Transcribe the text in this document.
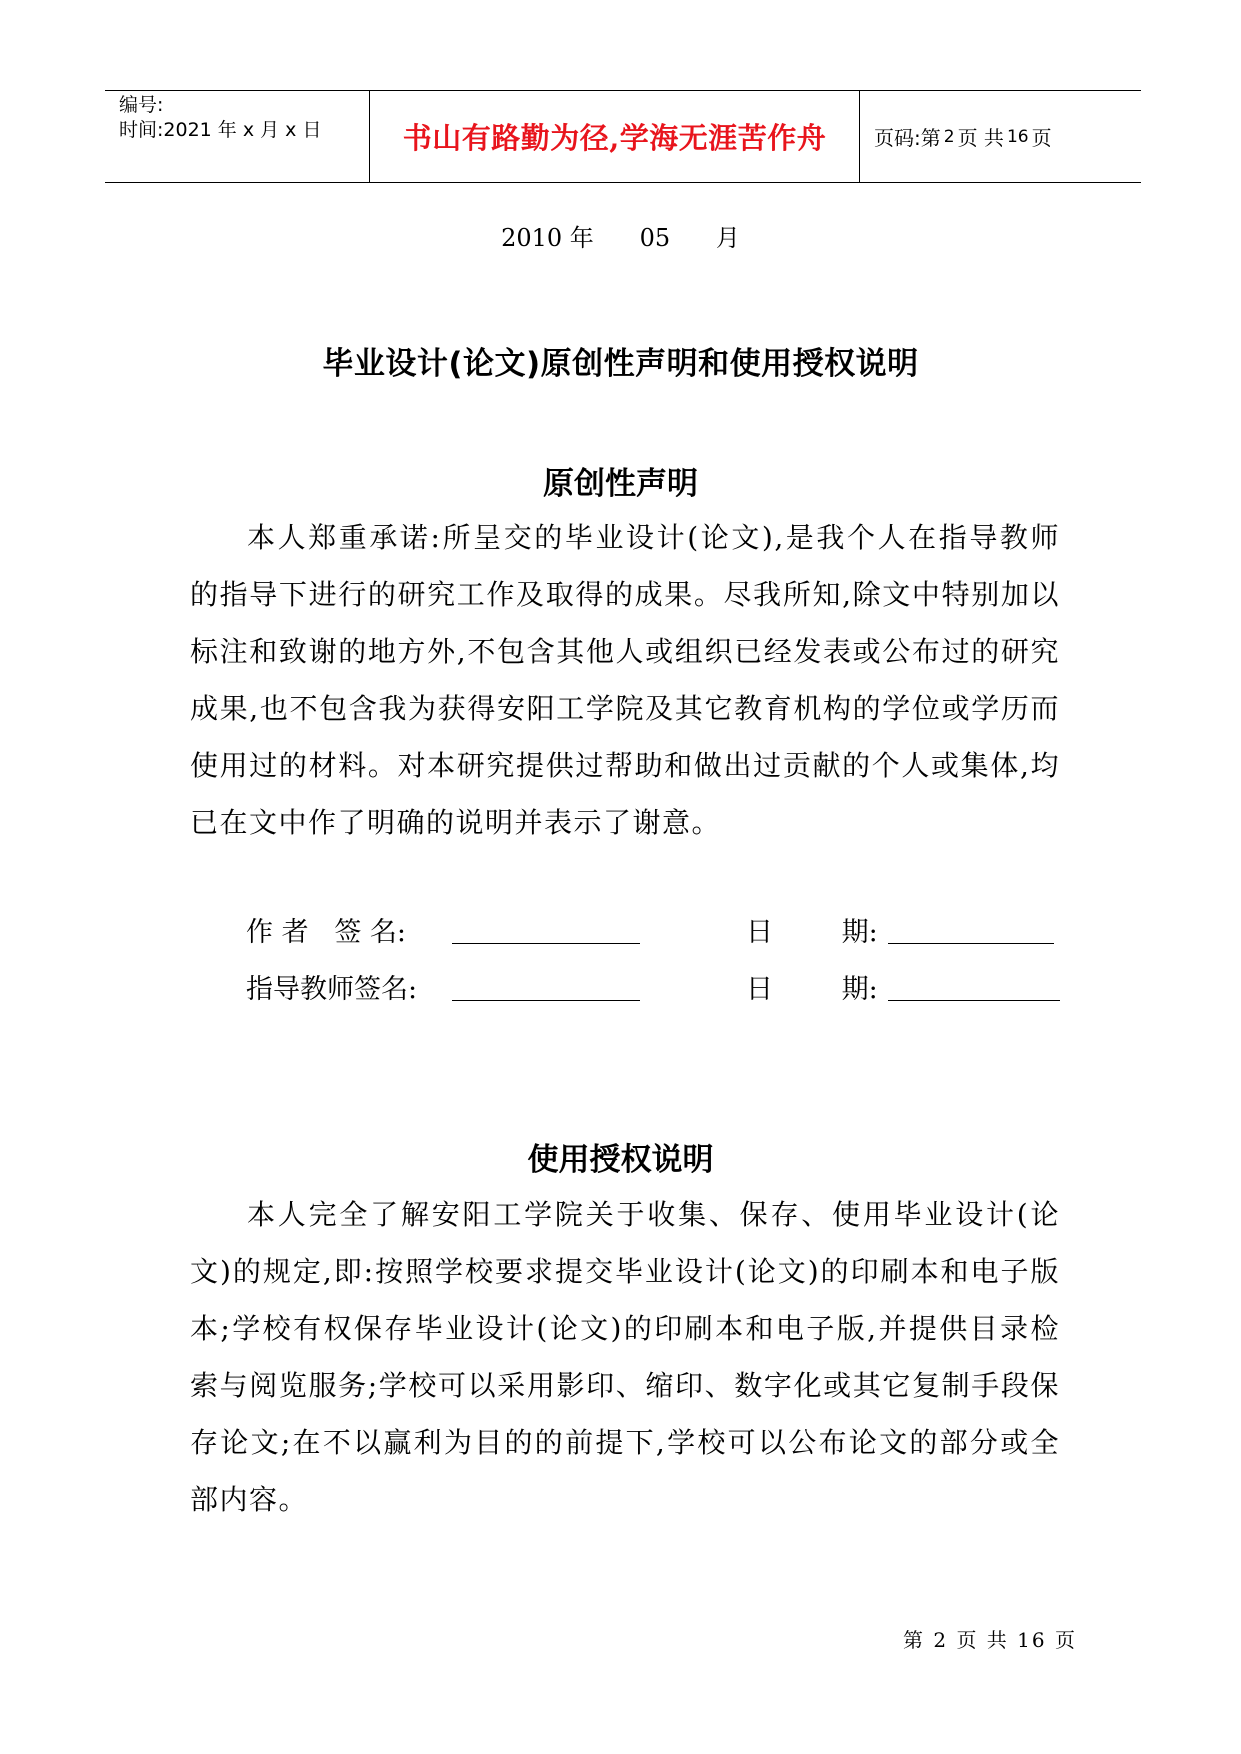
编号:
时间:2021 年 x 月 x 日	书山有路勤为径,学海无涯苦作舟	页码:第 2 页 共 16 页
2010 年      05      月
毕业设计(论文)原创性声明和使用授权说明
原创性声明
本人郑重承诺:所呈交的毕业设计(论文),是我个人在指导教师的指导下进行的研究工作及取得的成果。尽我所知,除文中特别加以标注和致谢的地方外,不包含其他人或组织已经发表或公布过的研究成果,也不包含我为获得安阳工学院及其它教育机构的学位或学历而使用过的材料。对本研究提供过帮助和做出过贡献的个人或集体,均已在文中作了明确的说明并表示了谢意。
作 者   签 名:	日        期:
指导教师签名:	日        期:
使用授权说明
本人完全了解安阳工学院关于收集、保存、使用毕业设计(论文)的规定,即:按照学校要求提交毕业设计(论文)的印刷本和电子版本;学校有权保存毕业设计(论文)的印刷本和电子版,并提供目录检索与阅览服务;学校可以采用影印、缩印、数字化或其它复制手段保存论文;在不以赢利为目的的前提下,学校可以公布论文的部分或全部内容。
第 2 页 共 16 页
